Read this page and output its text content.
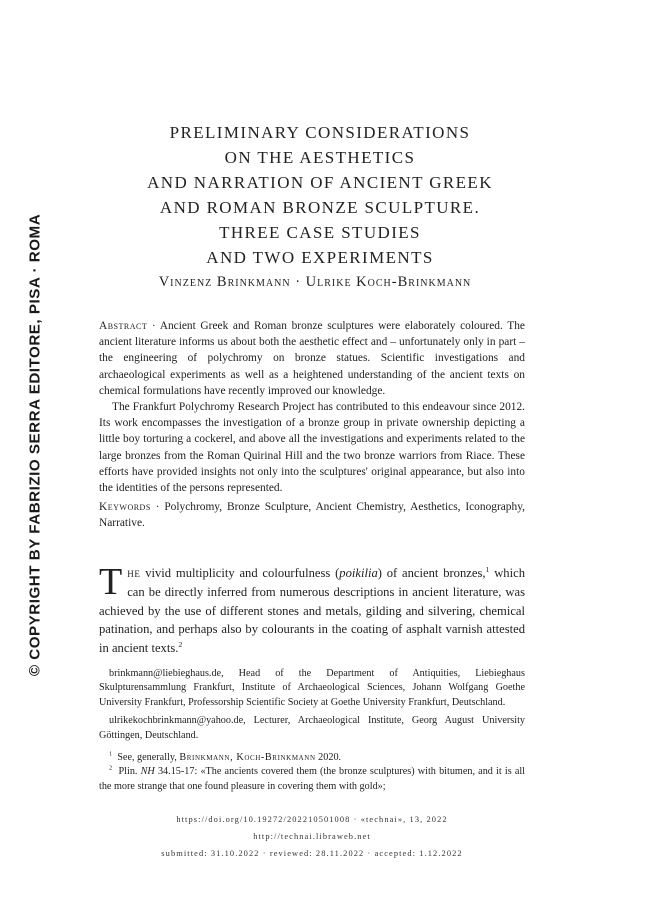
© COPYRIGHT BY FABRIZIO SERRA EDITORE, PISA · ROMA
PRELIMINARY CONSIDERATIONS
ON THE AESTHETICS
AND NARRATION OF ANCIENT GREEK
AND ROMAN BRONZE SCULPTURE.
THREE CASE STUDIES
AND TWO EXPERIMENTS
Vinzenz Brinkmann · Ulrike Koch-Brinkmann

Abstract · Ancient Greek and Roman bronze sculptures were elaborately coloured. The ancient literature informs us about both the aesthetic effect and – unfortunately only in part – the engineering of polychromy on bronze statues. Scientific investigations and archaeological experiments as well as a heightened understanding of the ancient texts on chemical formulations have recently improved our knowledge.

The Frankfurt Polychromy Research Project has contributed to this endeavour since 2012. Its work encompasses the investigation of a bronze group in private ownership depicting a little boy torturing a cockerel, and above all the investigations and experiments related to the large bronzes from the Roman Quirinal Hill and the two bronze warriors from Riace. These efforts have provided insights not only into the sculptures' original appearance, but also into the identities of the persons represented.

Keywords · Polychromy, Bronze Sculpture, Ancient Chemistry, Aesthetics, Iconography, Narrative.

The vivid multiplicity and colourfulness (poikilia) of ancient bronzes,$^1$ which can be directly inferred from numerous descriptions in ancient literature, was achieved by the use of different stones and metals, gilding and silvering, chemical patination, and perhaps also by colourants in the coating of asphalt varnish attested in ancient texts.$^2$

brinkmann@liebieghaus.de, Head of the Department of Antiquities, Liebieghaus Skulpturensammlung Frankfurt, Institute of Archaeological Sciences, Johann Wolfgang Goethe University Frankfurt, Professorship Scientific Society at Goethe University Frankfurt, Deutschland.

ulrikekochbrinkmann@yahoo.de, Lecturer, Archaeological Institute, Georg August University Göttingen, Deutschland.

$^1$ See, generally, Brinkmann, Koch-Brinkmann 2020.

$^2$ Plin. NH 34.15-17: «The ancients covered them (the bronze sculptures) with bitumen, and it is all the more strange that one found pleasure in covering them with gold»;

https://doi.org/10.19272/202210501008 · «technai», 13, 2022
http://technai.libraweb.net
submitted: 31.10.2022 · reviewed: 28.11.2022 · accepted: 1.12.2022
